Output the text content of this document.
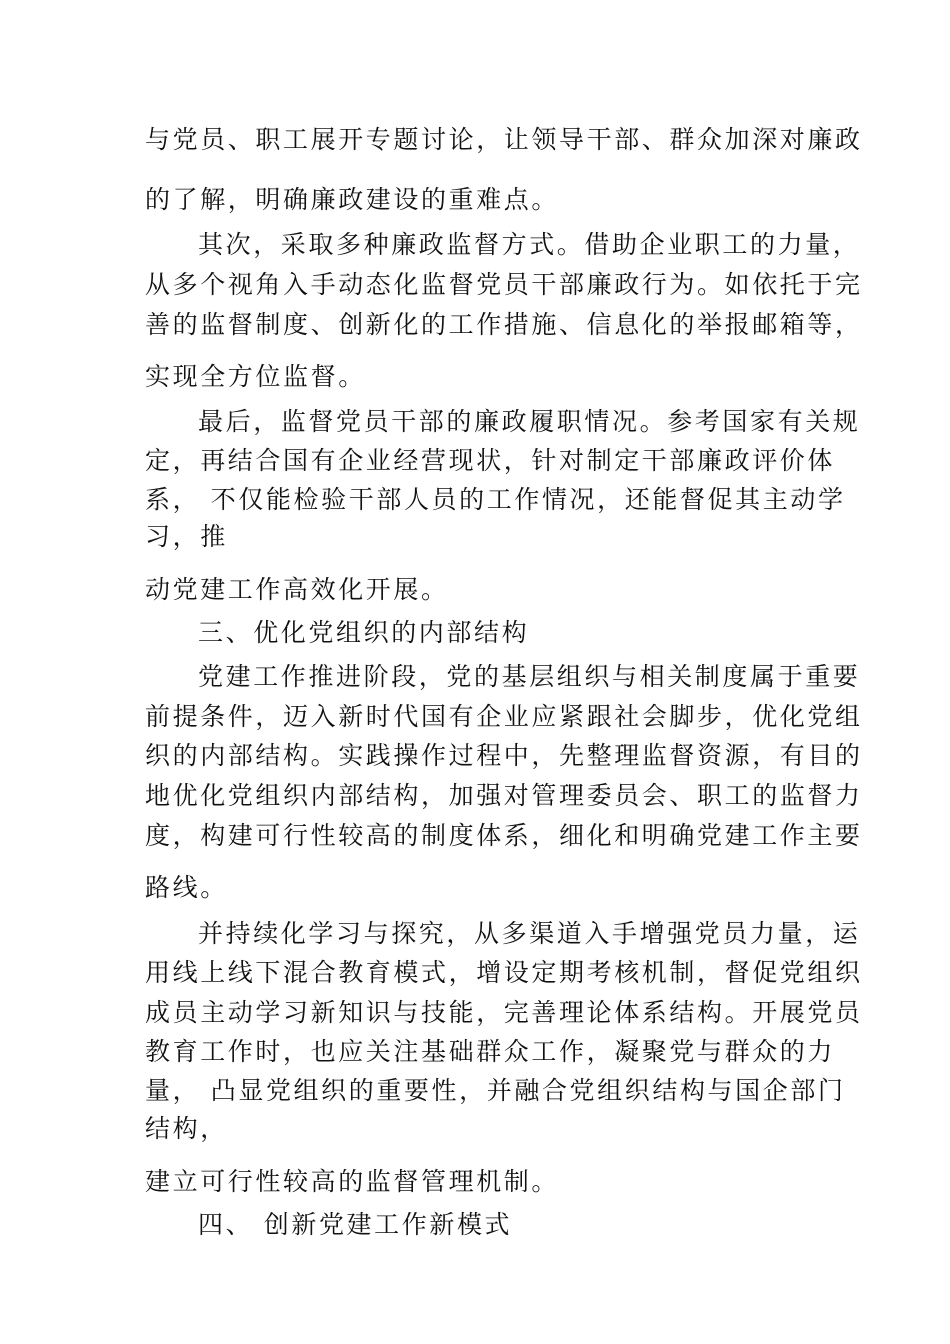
与党员、职工展开专题讨论，让领导干部、群众加深对廉政
的了解，明确廉政建设的重难点。
其次，采取多种廉政监督方式。借助企业职工的力量，
从多个视角入手动态化监督党员干部廉政行为。如依托于完
善的监督制度、创新化的工作措施、信息化的举报邮箱等，
实现全方位监督。
最后，监督党员干部的廉政履职情况。参考国家有关规
定，再结合国有企业经营现状，针对制定干部廉政评价体
系， 不仅能检验干部人员的工作情况，还能督促其主动学
习，推
动党建工作高效化开展。
三、优化党组织的内部结构
党建工作推进阶段，党的基层组织与相关制度属于重要
前提条件，迈入新时代国有企业应紧跟社会脚步，优化党组
织的内部结构。实践操作过程中，先整理监督资源，有目的
地优化党组织内部结构，加强对管理委员会、职工的监督力
度，构建可行性较高的制度体系，细化和明确党建工作主要
路线。
并持续化学习与探究，从多渠道入手增强党员力量，运
用线上线下混合教育模式，增设定期考核机制，督促党组织
成员主动学习新知识与技能，完善理论体系结构。开展党员
教育工作时，也应关注基础群众工作，凝聚党与群众的力
量， 凸显党组织的重要性，并融合党组织结构与国企部门
结构，
建立可行性较高的监督管理机制。
四、 创新党建工作新模式
